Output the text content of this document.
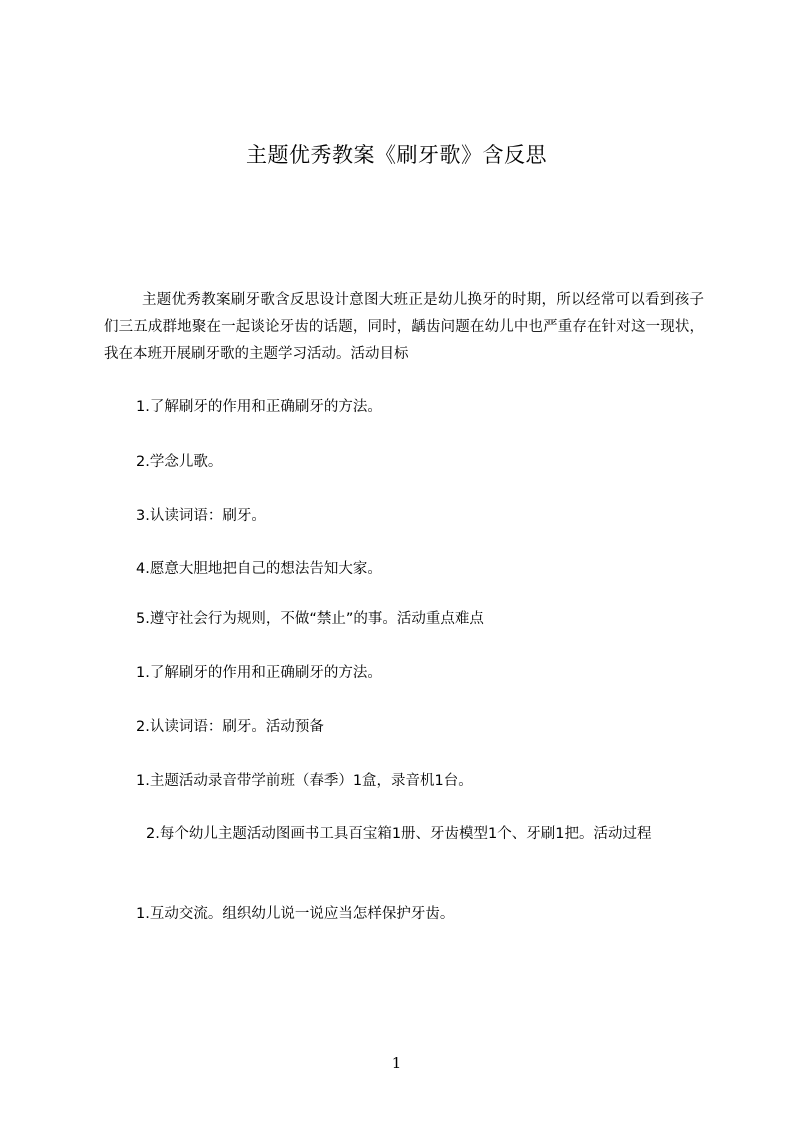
主题优秀教案《刷牙歌》含反思

主题优秀教案刷牙歌含反思设计意图大班正是幼儿换牙的时期，所以经常可以看到孩子们三五成群地聚在一起谈论牙齿的话题，同时，龋齿问题在幼儿中也严重存在针对这一现状，我在本班开展刷牙歌的主题学习活动。活动目标

1.了解刷牙的作用和正确刷牙的方法。

2.学念儿歌。

3.认读词语：刷牙。

4.愿意大胆地把自己的想法告知大家。

5.遵守社会行为规则，不做“禁止”的事。活动重点难点

1.了解刷牙的作用和正确刷牙的方法。

2.认读词语：刷牙。活动预备

1.主题活动录音带学前班（春季）1盒，录音机1台。

2.每个幼儿主题活动图画书工具百宝箱1册、牙齿模型1个、牙刷1把。活动过程

1.互动交流。组织幼儿说一说应当怎样保护牙齿。

1
